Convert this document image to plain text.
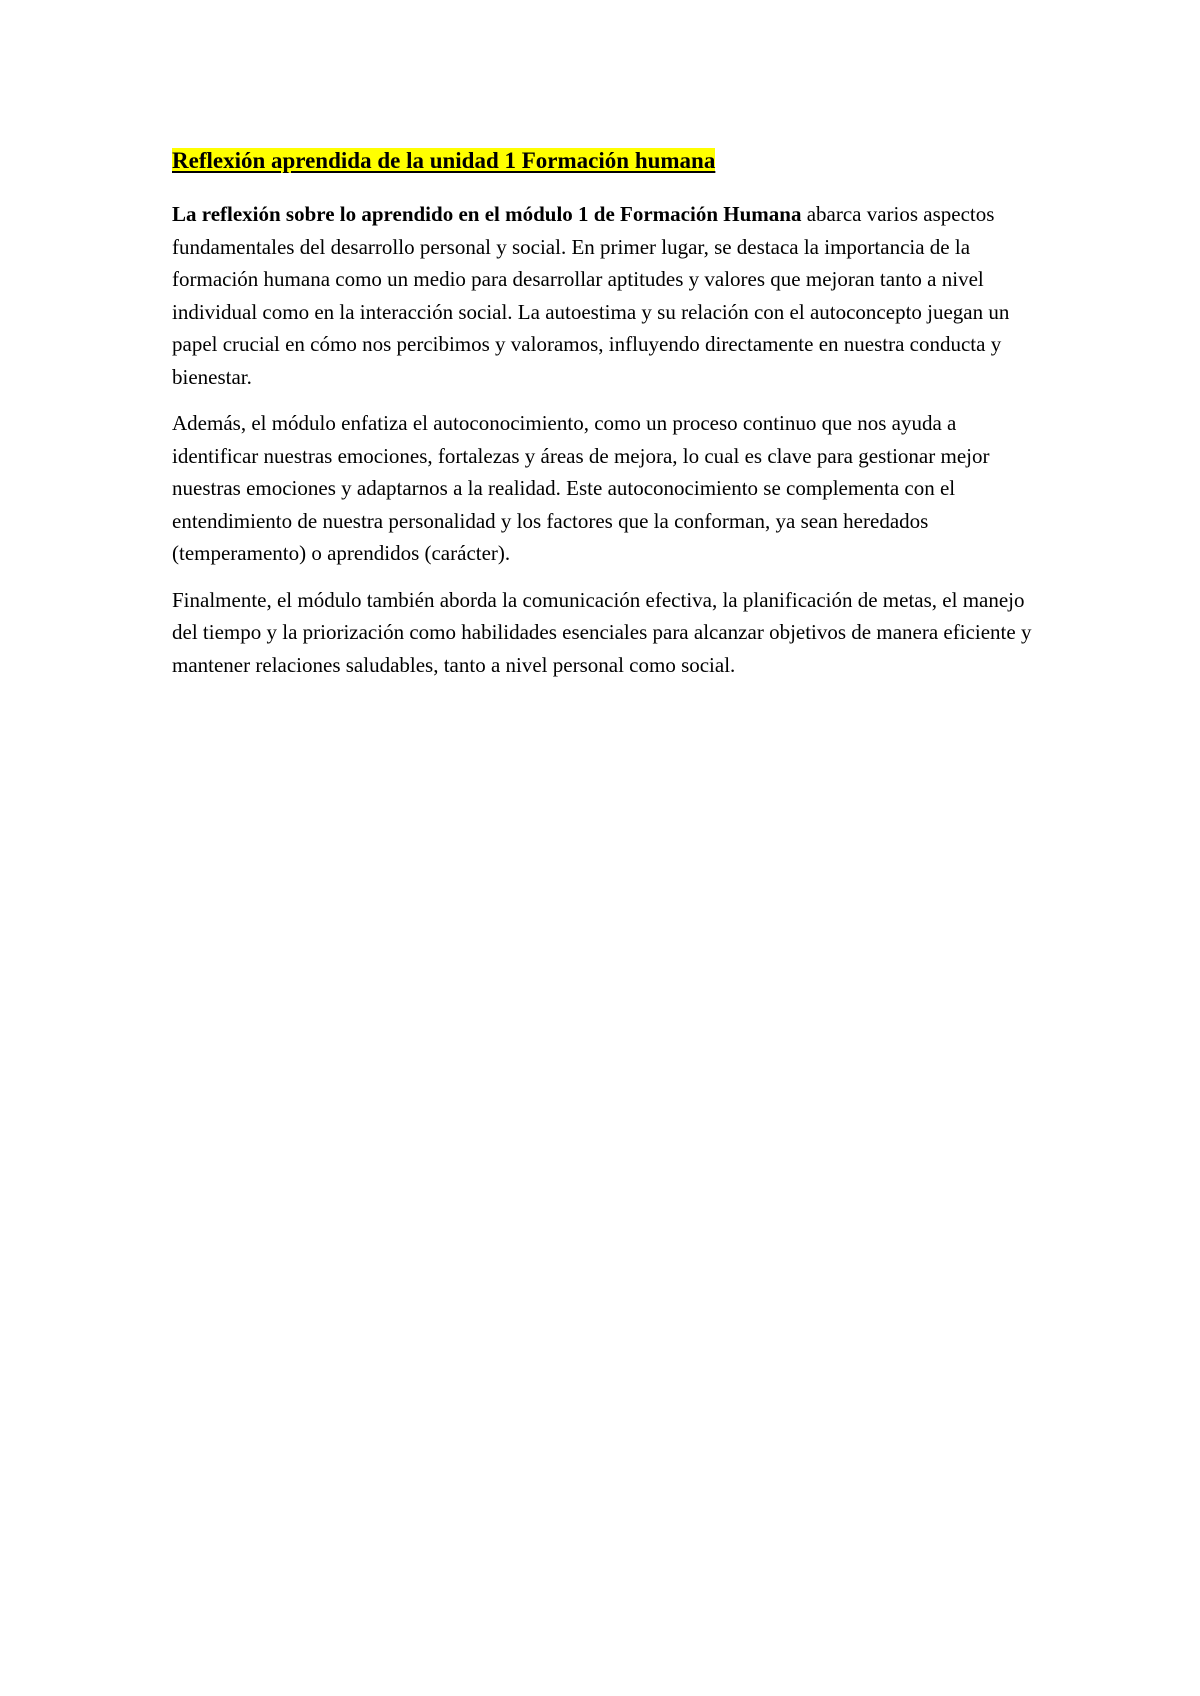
Reflexión aprendida de la unidad 1 Formación humana

La reflexión sobre lo aprendido en el módulo 1 de Formación Humana abarca varios aspectos fundamentales del desarrollo personal y social. En primer lugar, se destaca la importancia de la formación humana como un medio para desarrollar aptitudes y valores que mejoran tanto a nivel individual como en la interacción social. La autoestima y su relación con el autoconcepto juegan un papel crucial en cómo nos percibimos y valoramos, influyendo directamente en nuestra conducta y bienestar.

Además, el módulo enfatiza el autoconocimiento, como un proceso continuo que nos ayuda a identificar nuestras emociones, fortalezas y áreas de mejora, lo cual es clave para gestionar mejor nuestras emociones y adaptarnos a la realidad. Este autoconocimiento se complementa con el entendimiento de nuestra personalidad y los factores que la conforman, ya sean heredados (temperamento) o aprendidos (carácter).

Finalmente, el módulo también aborda la comunicación efectiva, la planificación de metas, el manejo del tiempo y la priorización como habilidades esenciales para alcanzar objetivos de manera eficiente y mantener relaciones saludables, tanto a nivel personal como social.
